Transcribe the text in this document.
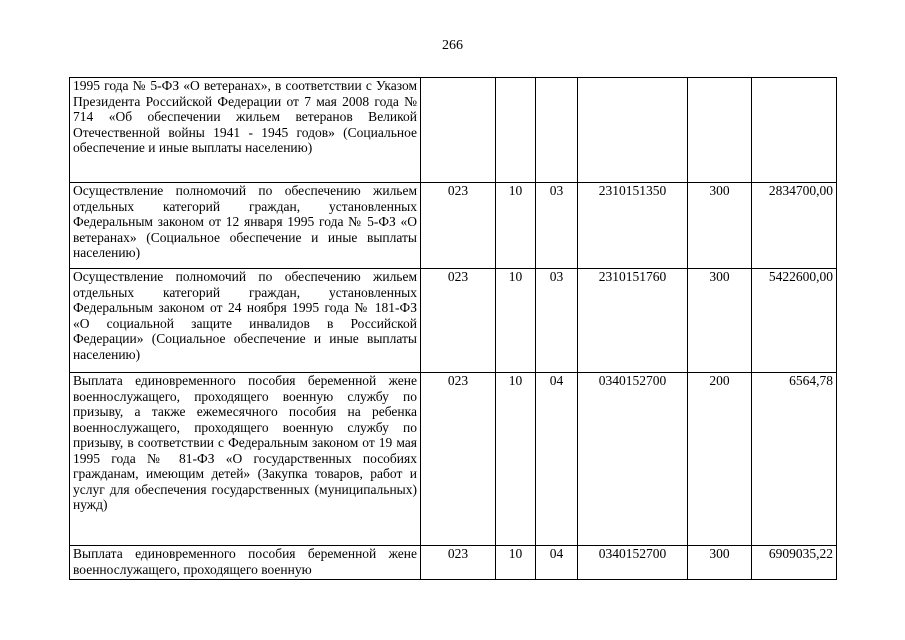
266
1995 года № 5-ФЗ «О ветеранах», в соответствии с Указом Президента Российской Федерации от 7 мая 2008 года № 714 «Об обеспечении жильем ветеранов Великой Отечественной войны 1941 - 1945 годов» (Социальное обеспечение и иные выплаты населению)						
Осуществление полномочий по обеспечению жильем отдельных категорий граждан, установленных Федеральным законом от 12 января 1995 года № 5-ФЗ «О ветеранах» (Социальное обеспечение и иные выплаты населению)	023	10	03	2310151350	300	2834700,00
Осуществление полномочий по обеспечению жильем отдельных категорий граждан, установленных Федеральным законом от 24 ноября 1995 года № 181-ФЗ «О социальной защите инвалидов в Российской Федерации» (Социальное обеспечение и иные выплаты населению)	023	10	03	2310151760	300	5422600,00
Выплата единовременного пособия беременной жене военнослужащего, проходящего военную службу по призыву, а также ежемесячного пособия на ребенка военнослужащего, проходящего военную службу по призыву, в соответствии с Федеральным законом от 19 мая 1995 года № 81-ФЗ «О государственных пособиях гражданам, имеющим детей» (Закупка товаров, работ и услуг для обеспечения государственных (муниципальных) нужд)	023	10	04	0340152700	200	6564,78
Выплата единовременного пособия беременной жене военнослужащего, проходящего военную	023	10	04	0340152700	300	6909035,22
